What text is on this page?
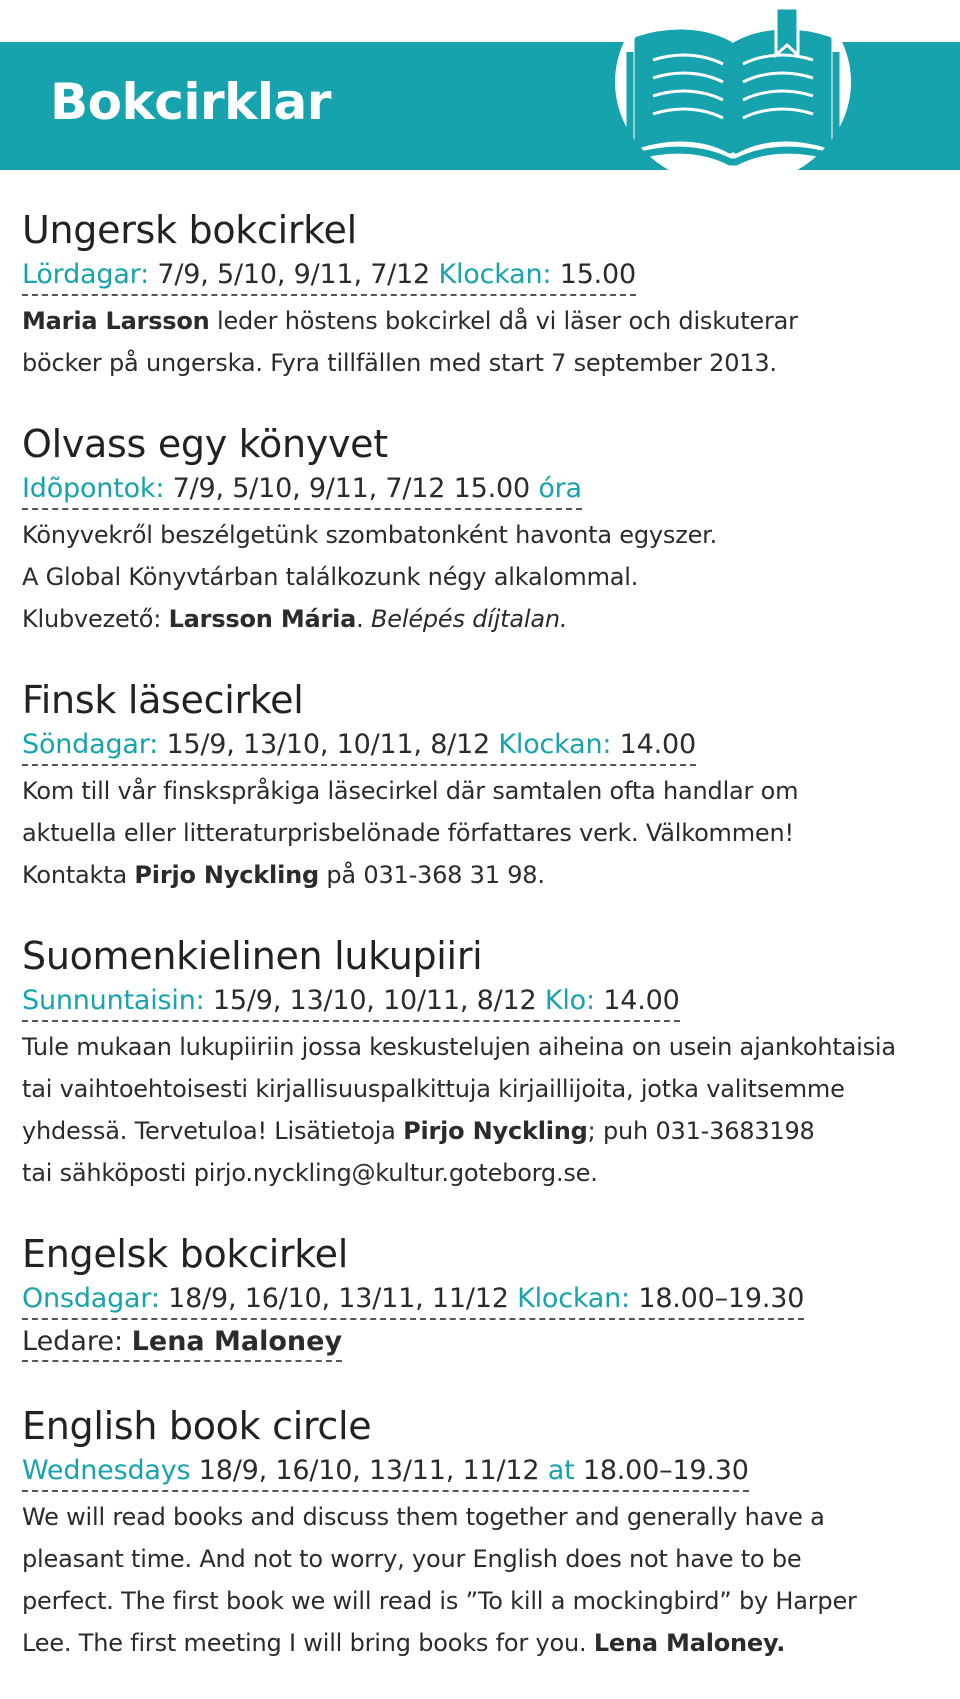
Bokcirklar
Ungersk bokcirkel
Lördagar: 7/9, 5/10, 9/11, 7/12 Klockan: 15.00

Maria Larsson leder höstens bokcirkel då vi läser och diskuterar

böcker på ungerska. Fyra tillfällen med start 7 september 2013.

Olvass egy könyvet
Idõpontok: 7/9, 5/10, 9/11, 7/12 15.00 óra

Könyvekről beszélgetünk szombatonként havonta egyszer.

A Global Könyvtárban találkozunk négy alkalommal.

Klubvezető: Larsson Mária. Belépés díjtalan.

Finsk läsecirkel
Söndagar: 15/9, 13/10, 10/11, 8/12 Klockan: 14.00

Kom till vår finskspråkiga läsecirkel där samtalen ofta handlar om

aktuella eller litteraturprisbelönade författares verk. Välkommen!

Kontakta Pirjo Nyckling på 031-368 31 98.

Suomenkielinen lukupiiri
Sunnuntaisin: 15/9, 13/10, 10/11, 8/12 Klo: 14.00

Tule mukaan lukupiiriin jossa keskustelujen aiheina on usein ajankohtaisia

tai vaihtoehtoisesti kirjallisuuspalkittuja kirjaillijoita, jotka valitsemme

yhdessä. Tervetuloa! Lisätietoja Pirjo Nyckling; puh 031-3683198

tai sähköposti pirjo.nyckling@kultur.goteborg.se.

Engelsk bokcirkel
Onsdagar: 18/9, 16/10, 13/11, 11/12 Klockan: 18.00–19.30
Ledare: Lena Maloney
English book circle
Wednesdays 18/9, 16/10, 13/11, 11/12 at 18.00–19.30

We will read books and discuss them together and generally have a

pleasant time. And not to worry, your English does not have to be

perfect. The first book we will read is ”To kill a mockingbird” by Harper

Lee. The first meeting I will bring books for you. Lena Maloney.
